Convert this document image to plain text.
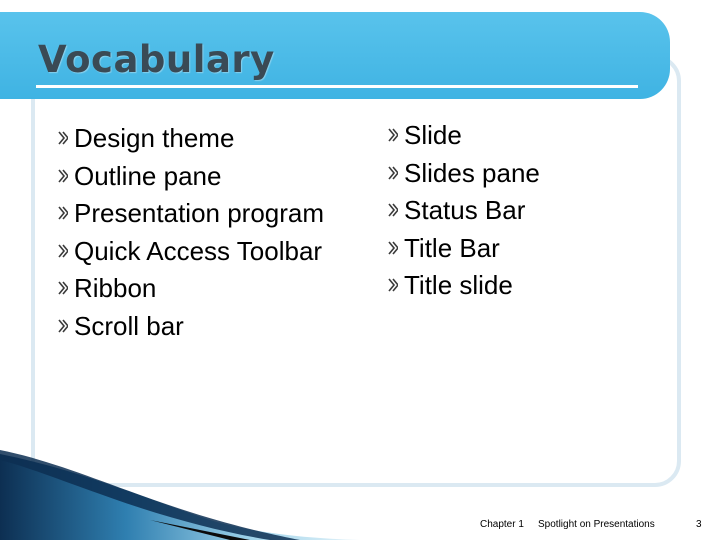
Vocabulary
Design theme
Outline pane
Presentation program
Quick Access Toolbar
Ribbon
Scroll bar
Slide
Slides pane
Status Bar
Title Bar
Title slide
Chapter 1 Spotlight on Presentations	3
